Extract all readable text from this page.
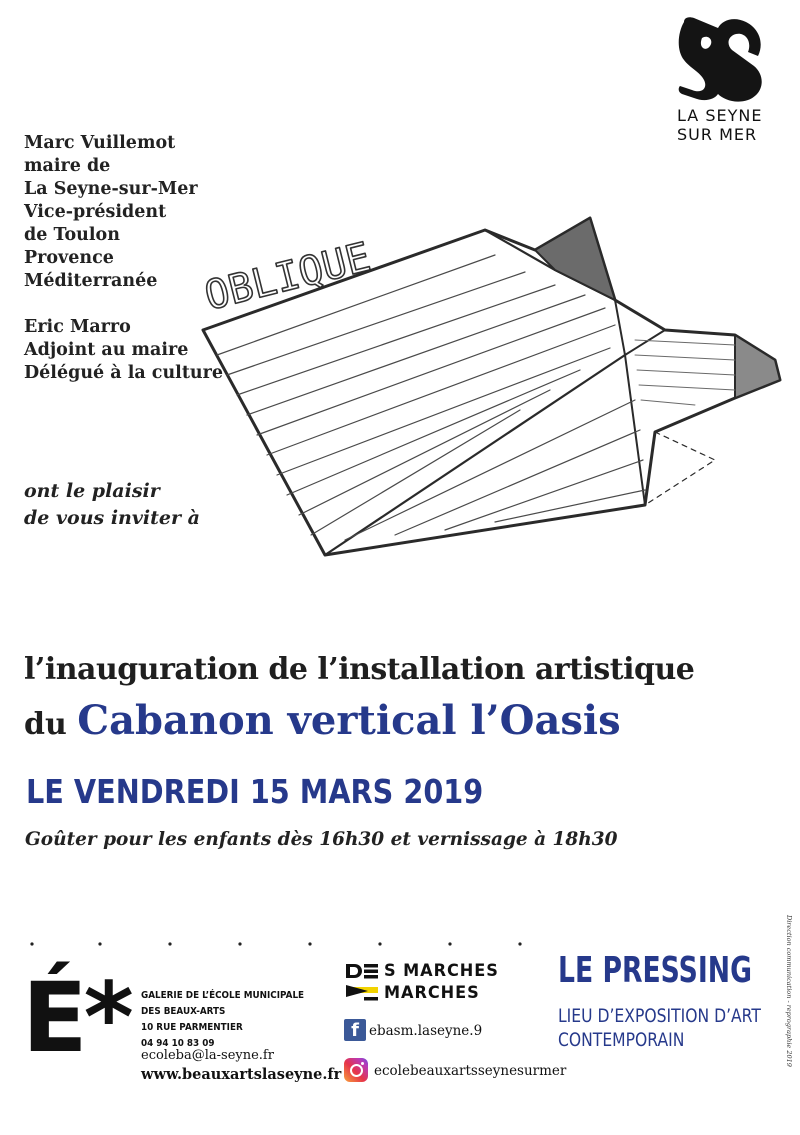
LA SEYNE
SUR MER
Marc Vuillemot
maire de
La Seyne-sur-Mer
Vice-président
de Toulon
Provence
Méditerranée
Eric Marro
Adjoint au maire
Délégué à la culture
ont le plaisir
de vous inviter à
OBLIQUE
l’inauguration de l’installation artistique
du Cabanon vertical l’Oasis
LE VENDREDI 15 MARS 2019
Goûter pour les enfants dès 16h30 et vernissage à 18h30
Direction communication - reprographie 2019
É* GALERIE DE L’ÉCOLE MUNICIPALE
DES BEAUX-ARTS
10 RUE PARMENTIER
04 94 10 83 09
ecoleba@la-seyne.fr
www.beauxartslaseyne.fr
S MARCHES
MARCHES
f ebasm.laseyne.9
ecolebeauxartsseynesurmer
LE PRESSING
LIEU D’EXPOSITION D’ART
CONTEMPORAIN
